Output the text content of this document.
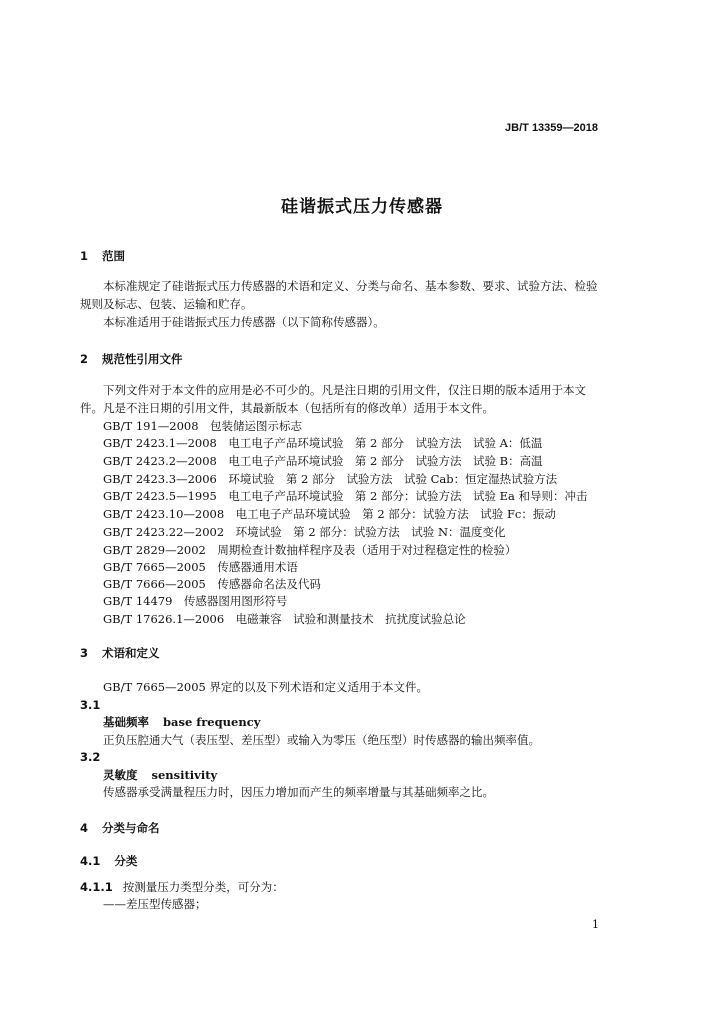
JB/T 13359—2018
硅谐振式压力传感器
1 范围
本标准规定了硅谐振式压力传感器的术语和定义、分类与命名、基本参数、要求、试验方法、检验
规则及标志、包装、运输和贮存。
本标准适用于硅谐振式压力传感器（以下简称传感器）。
2 规范性引用文件
下列文件对于本文件的应用是必不可少的。凡是注日期的引用文件，仅注日期的版本适用于本文
件。凡是不注日期的引用文件，其最新版本（包括所有的修改单）适用于本文件。
GB/T 191—2008　包装储运图示标志
GB/T 2423.1—2008　电工电子产品环境试验　第 2 部分　试验方法　试验 A：低温
GB/T 2423.2—2008　电工电子产品环境试验　第 2 部分　试验方法　试验 B：高温
GB/T 2423.3—2006　环境试验　第 2 部分　试验方法　试验 Cab：恒定湿热试验方法
GB/T 2423.5—1995　电工电子产品环境试验　第 2 部分：试验方法　试验 Ea 和导则：冲击
GB/T 2423.10—2008　电工电子产品环境试验　第 2 部分：试验方法　试验 Fc：振动
GB/T 2423.22—2002　环境试验　第 2 部分：试验方法　试验 N：温度变化
GB/T 2829—2002　周期检查计数抽样程序及表（适用于对过程稳定性的检验）
GB/T 7665—2005　传感器通用术语
GB/T 7666—2005　传感器命名法及代码
GB/T 14479　传感器图用图形符号
GB/T 17626.1—2006　电磁兼容　试验和测量技术　抗扰度试验总论
3 术语和定义
GB/T 7665—2005 界定的以及下列术语和定义适用于本文件。
3.1
基础频率 base frequency
正负压腔通大气（表压型、差压型）或输入为零压（绝压型）时传感器的输出频率值。
3.2
灵敏度 sensitivity
传感器承受满量程压力时，因压力增加而产生的频率增量与其基础频率之比。
4 分类与命名
4.1 分类
4.1.1 按测量压力类型分类，可分为：
——差压型传感器；
1
